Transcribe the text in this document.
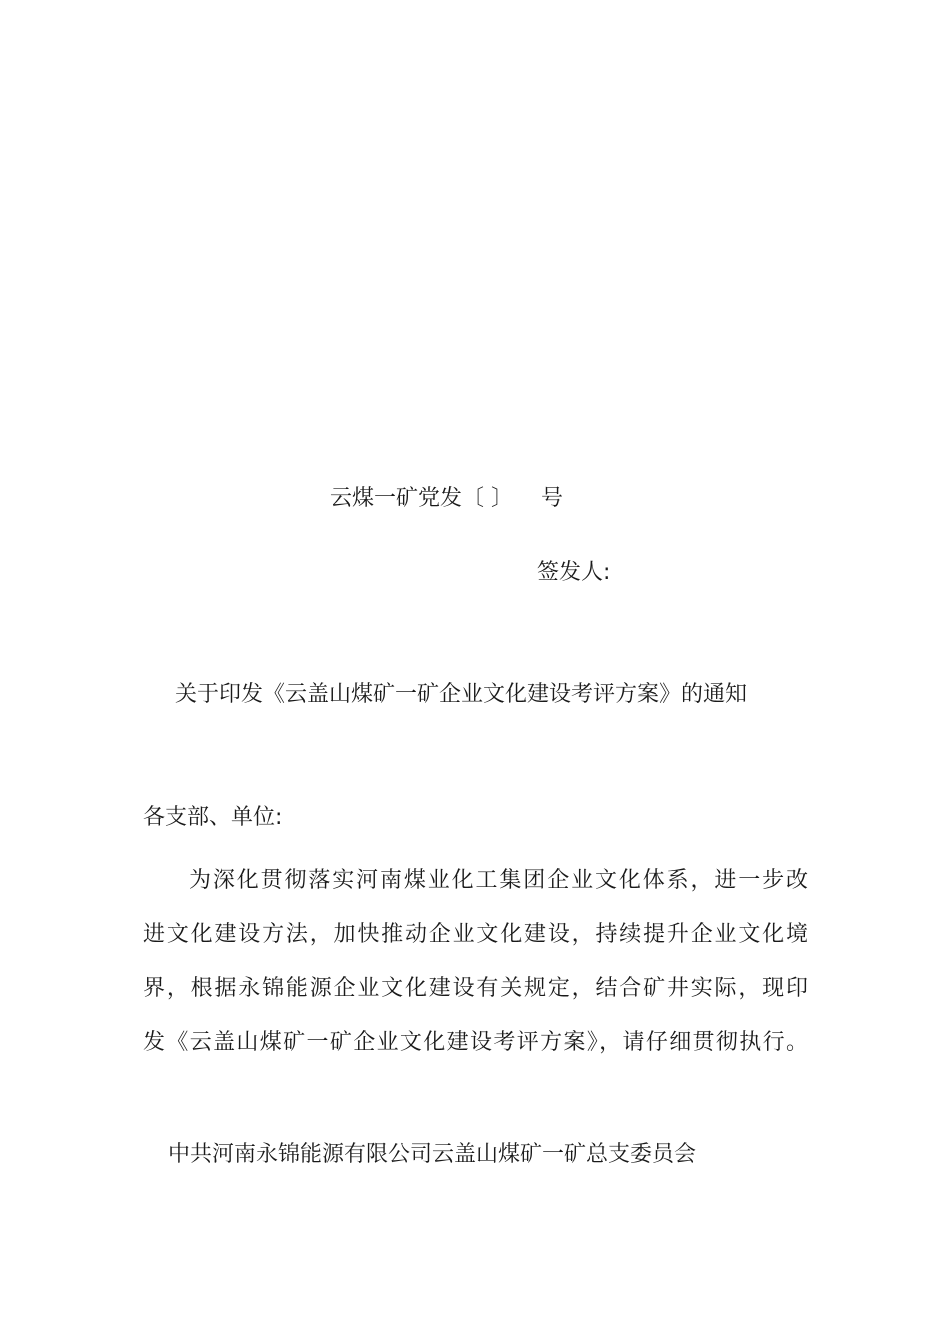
云煤一矿党发〔 〕 号
签发人:
关于印发《云盖山煤矿一矿企业文化建设考评方案》的通知
各支部、单位:
为深化贯彻落实河南煤业化工集团企业文化体系，进一步改
进文化建设方法，加快推动企业文化建设，持续提升企业文化境
界，根据永锦能源企业文化建设有关规定，结合矿井实际，现印
发《云盖山煤矿一矿企业文化建设考评方案》，请仔细贯彻执行。
中共河南永锦能源有限公司云盖山煤矿一矿总支委员会
